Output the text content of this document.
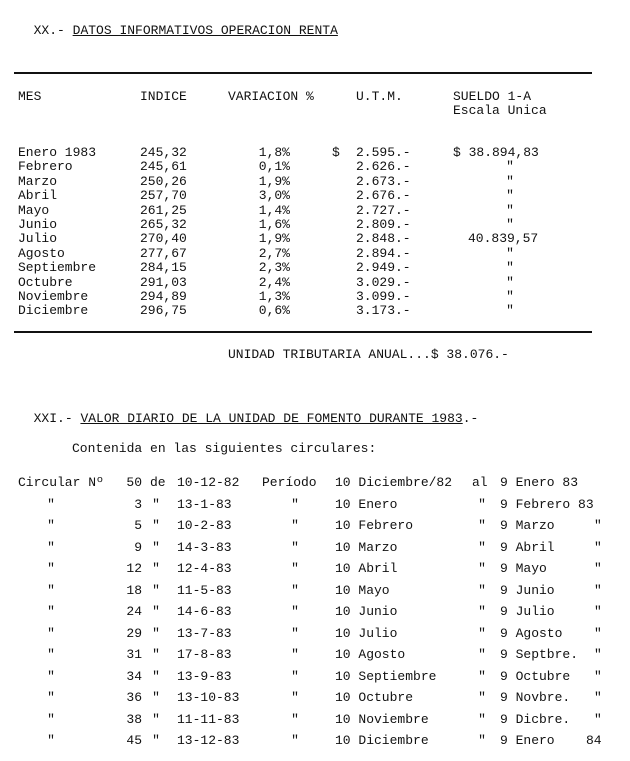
XX.- DATOS INFORMATIVOS OPERACION RENTA

MES	INDICE	VARIACION %	U.T.M.	SUELDO 1-A
Escala Unica
Enero 1983	245,32	1,8%	$ 2.595.-	$ 38.894,83
Febrero	245,61	0,1%	2.626.-	"
Marzo	250,26	1,9%	2.673.-	"
Abril	257,70	3,0%	2.676.-	"
Mayo	261,25	1,4%	2.727.-	"
Junio	265,32	1,6%	2.809.-	"
Julio	270,40	1,9%	2.848.-	40.839,57
Agosto	277,67	2,7%	2.894.-	"
Septiembre	284,15	2,3%	2.949.-	"
Octubre	291,03	2,4%	3.029.-	"
Noviembre	294,89	1,3%	3.099.-	"
Diciembre	296,75	0,6%	3.173.-	"
UNIDAD TRIBUTARIA ANUAL...$ 38.076.-

XXI.- VALOR DIARIO DE LA UNIDAD DE FOMENTO DURANTE 1983.-

Contenida en las siguientes circulares:
Circular Nº	50 de 10-12-82 Período 10 Diciembre/82 al 9 Enero 83
"	3 " 13-1-83	"	10 Enero	"	9 Febrero 83
"	5 " 10-2-83	"	10 Febrero	"	9 Marzo	"
"	9 " 14-3-83	"	10 Marzo	"	9 Abril	"
"	12 " 12-4-83	"	10 Abril	"	9 Mayo	"
"	18 " 11-5-83	"	10 Mayo	"	9 Junio	"
"	24 " 14-6-83	"	10 Junio	"	9 Julio	"
"	29 " 13-7-83	"	10 Julio	"	9 Agosto "
"	31 " 17-8-83	"	10 Agosto	"	9 Septbre. "
"	34 " 13-9-83	"	10 Septiembre	"	9 Octubre "
"	36 " 13-10-83	"	10 Octubre	"	9 Novbre. "
"	38 " 11-11-83	"	10 Noviembre	"	9 Dicbre. "
"	45 " 13-12-83	"	10 Diciembre	"	9 Enero 84
